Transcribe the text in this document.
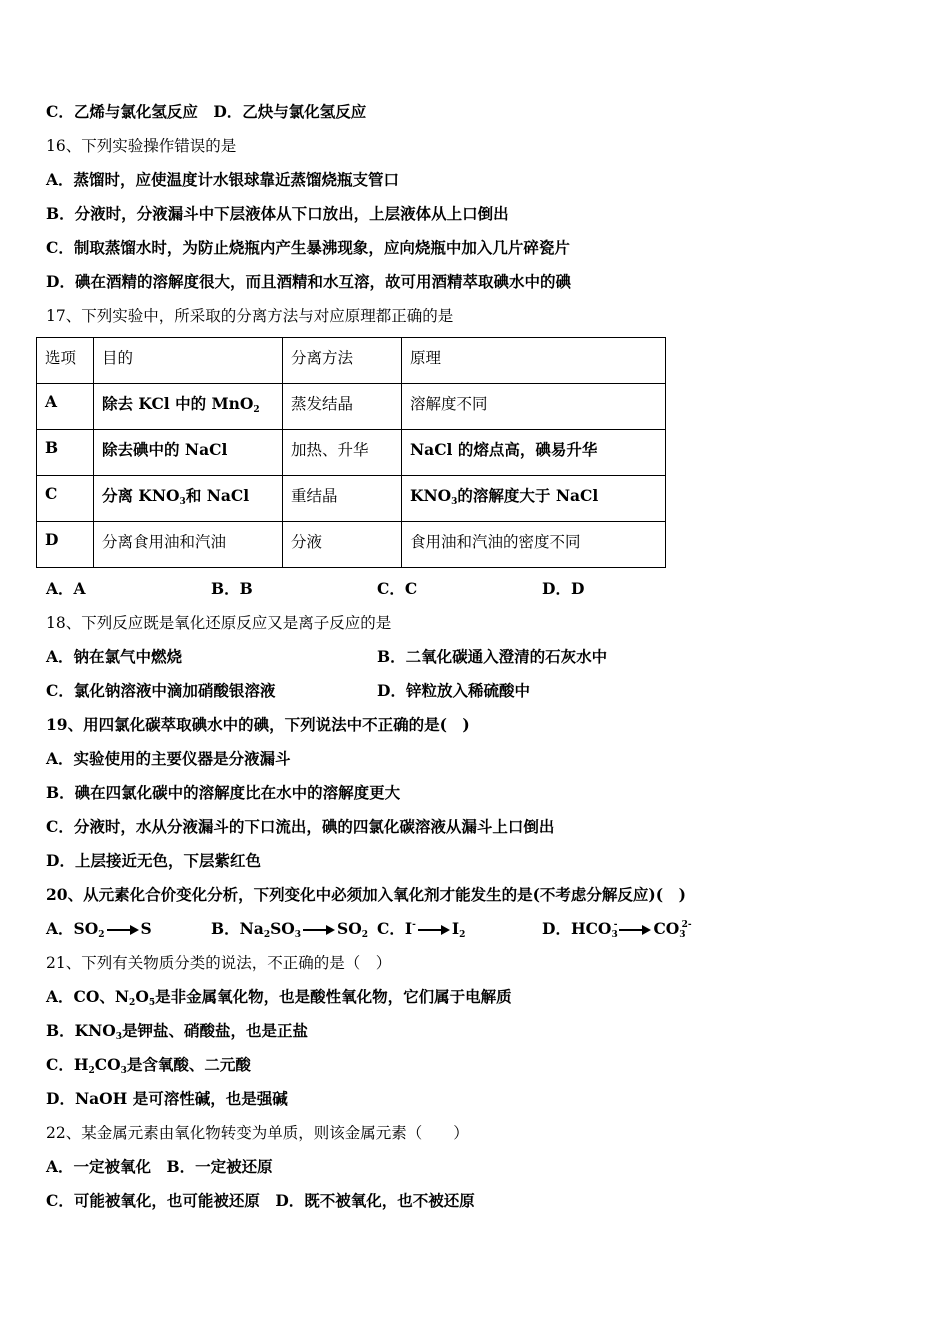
C．乙烯与氯化氢反应　D．乙炔与氯化氢反应
16、下列实验操作错误的是
A．蒸馏时，应使温度计水银球靠近蒸馏烧瓶支管口
B．分液时，分液漏斗中下层液体从下口放出，上层液体从上口倒出
C．制取蒸馏水时，为防止烧瓶内产生暴沸现象，应向烧瓶中加入几片碎瓷片
D．碘在酒精的溶解度很大，而且酒精和水互溶，故可用酒精萃取碘水中的碘
17、下列实验中，所采取的分离方法与对应原理都正确的是
选项	目的	分离方法	原理
A	除去 KCl 中的 MnO$_2$	蒸发结晶	溶解度不同
B	除去碘中的 NaCl	加热、升华	NaCl 的熔点高，碘易升华
C	分离 $KNO_3$和 NaCl	重结晶	$KNO_3$的溶解度大于 NaCl
D	分离食用油和汽油	分液	食用油和汽油的密度不同
A．A	B．B	C．C	D．D
18、下列反应既是氧化还原反应又是离子反应的是
A．钠在氯气中燃烧	B．二氧化碳通入澄清的石灰水中
C．氯化钠溶液中滴加硝酸银溶液	D．锌粒放入稀硫酸中
19、用四氯化碳萃取碘水中的碘，下列说法中不正确的是(　)
A．实验使用的主要仪器是分液漏斗
B．碘在四氯化碳中的溶解度比在水中的溶解度更大
C．分液时，水从分液漏斗的下口流出，碘的四氯化碳溶液从漏斗上口倒出
D．上层接近无色，下层紫红色
20、从元素化合价变化分析，下列变化中必须加入氧化剂才能发生的是(不考虑分解反应)(　)
A．$SO_2$ S	B．$Na_2SO_3$ $SO_2$ C．I- $I_2$	D．$HCO_3^-$ $CO_3^{2-}$
21、下列有关物质分类的说法，不正确的是（　）
A．CO、$N_2O_5$是非金属氧化物，也是酸性氧化物，它们属于电解质
B．$KNO_3$是钾盐、硝酸盐，也是正盐
C．$H_2CO_3$是含氧酸、二元酸
D．NaOH 是可溶性碱，也是强碱
22、某金属元素由氧化物转变为单质，则该金属元素（　　）
A．一定被氧化　B．一定被还原
C．可能被氧化，也可能被还原　D．既不被氧化，也不被还原
